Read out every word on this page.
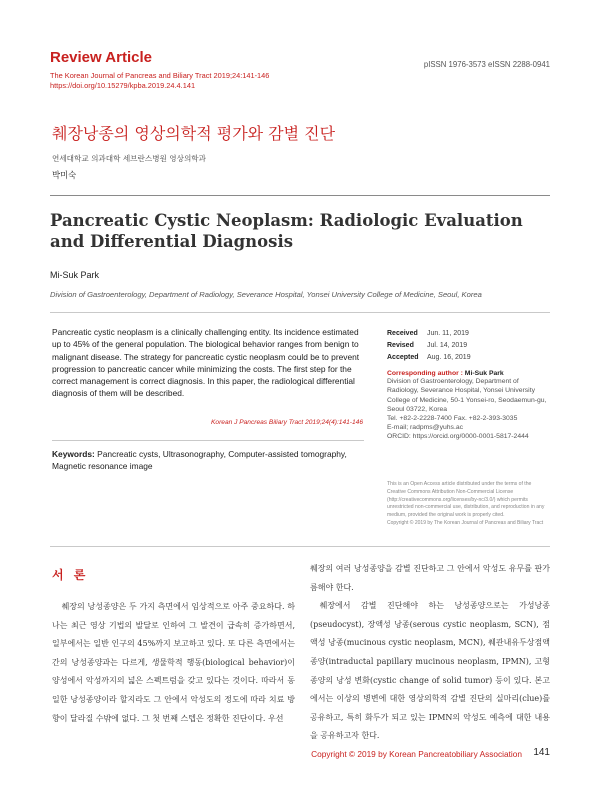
Review Article
The Korean Journal of Pancreas and Biliary Tract 2019;24:141-146
https://doi.org/10.15279/kpba.2019.24.4.141
pISSN 1976-3573 eISSN 2288-0941
췌장낭종의 영상의학적 평가와 감별 진단
연세대학교 의과대학 세브란스병원 영상의학과
박미숙
Pancreatic Cystic Neoplasm: Radiologic Evaluation and Differential Diagnosis
Mi-Suk Park
Division of Gastroenterology, Department of Radiology, Severance Hospital, Yonsei University College of Medicine, Seoul, Korea
Pancreatic cystic neoplasm is a clinically challenging entity. Its incidence estimated up to 45% of the general population. The biological behavior ranges from benign to malignant disease. The strategy for pancreatic cystic neoplasm could be to prevent progression to pancreatic cancer while minimizing the costs. The first step for the correct management is correct diagnosis. In this paper, the radiological differential diagnosis of them will be described.
Korean J Pancreas Biliary Tract 2019;24(4):141-146
Keywords: Pancreatic cysts, Ultrasonography, Computer-assisted tomography, Magnetic resonance image
Received Jun. 11, 2019
Revised Jul. 14, 2019
Accepted Aug. 16, 2019
Corresponding author : Mi-Suk Park
Division of Gastroenterology, Department of
Radiology, Severance Hospital, Yonsei University
College of Medicine, 50-1 Yonsei-ro, Seodaemun-gu,
Seoul 03722, Korea
Tel. +82-2-2228-7400 Fax. +82-2-393-3035
E-mail; radpms@yuhs.ac
ORCID: https://orcid.org/0000-0001-5817-2444
This is an Open Access article distributed under the terms of the Creative Commons Attribution Non-Commercial License (http://creativecommons.org/licenses/by-nc/3.0/) which permits unrestricted non-commercial use, distribution, and reproduction in any medium, provided the original work is properly cited.
Copyright © 2019 by The Korean Journal of Pancreas and Biliary Tract
서 론

췌장의 낭성종양은 두 가지 측면에서 임상적으로 아주 중요하다. 하나는 최근 영상 기법의 발달로 인하여 그 발견이 급속히 증가하면서, 일부에서는 일반 인구의 45%까지 보고하고 있다. 또 다른 측면에서는 간의 낭성종양과는 다르게, 생물학적 행동(biological behavior)이 양성에서 악성까지의 넓은 스펙트럼을 갖고 있다는 것이다. 따라서 동일한 낭성종양이라 할지라도 그 안에서 악성도의 정도에 따라 치료 방향이 달라질 수밖에 없다. 그 첫 번째 스텝은 정확한 진단이다. 우선

췌장의 여러 낭성종양을 감별 진단하고 그 안에서 악성도 유무를 판가름해야 한다.

췌장에서 감별 진단해야 하는 낭성종양으로는 가성낭종(pseudocyst), 장액성 낭종(serous cystic neoplasm, SCN), 점액성 낭종(mucinous cystic neoplasm, MCN), 췌관내유두상점액종양(intraductal papillary mucinous neoplasm, IPMN), 고형 종양의 낭성 변화(cystic change of solid tumor) 등이 있다. 본고에서는 이상의 병변에 대한 영상의학적 감별 진단의 실마리(clue)를 공유하고, 특히 화두가 되고 있는 IPMN의 악성도 예측에 대한 내용을 공유하고자 한다.

Copyright © 2019 by Korean Pancreatobiliary Association 141
